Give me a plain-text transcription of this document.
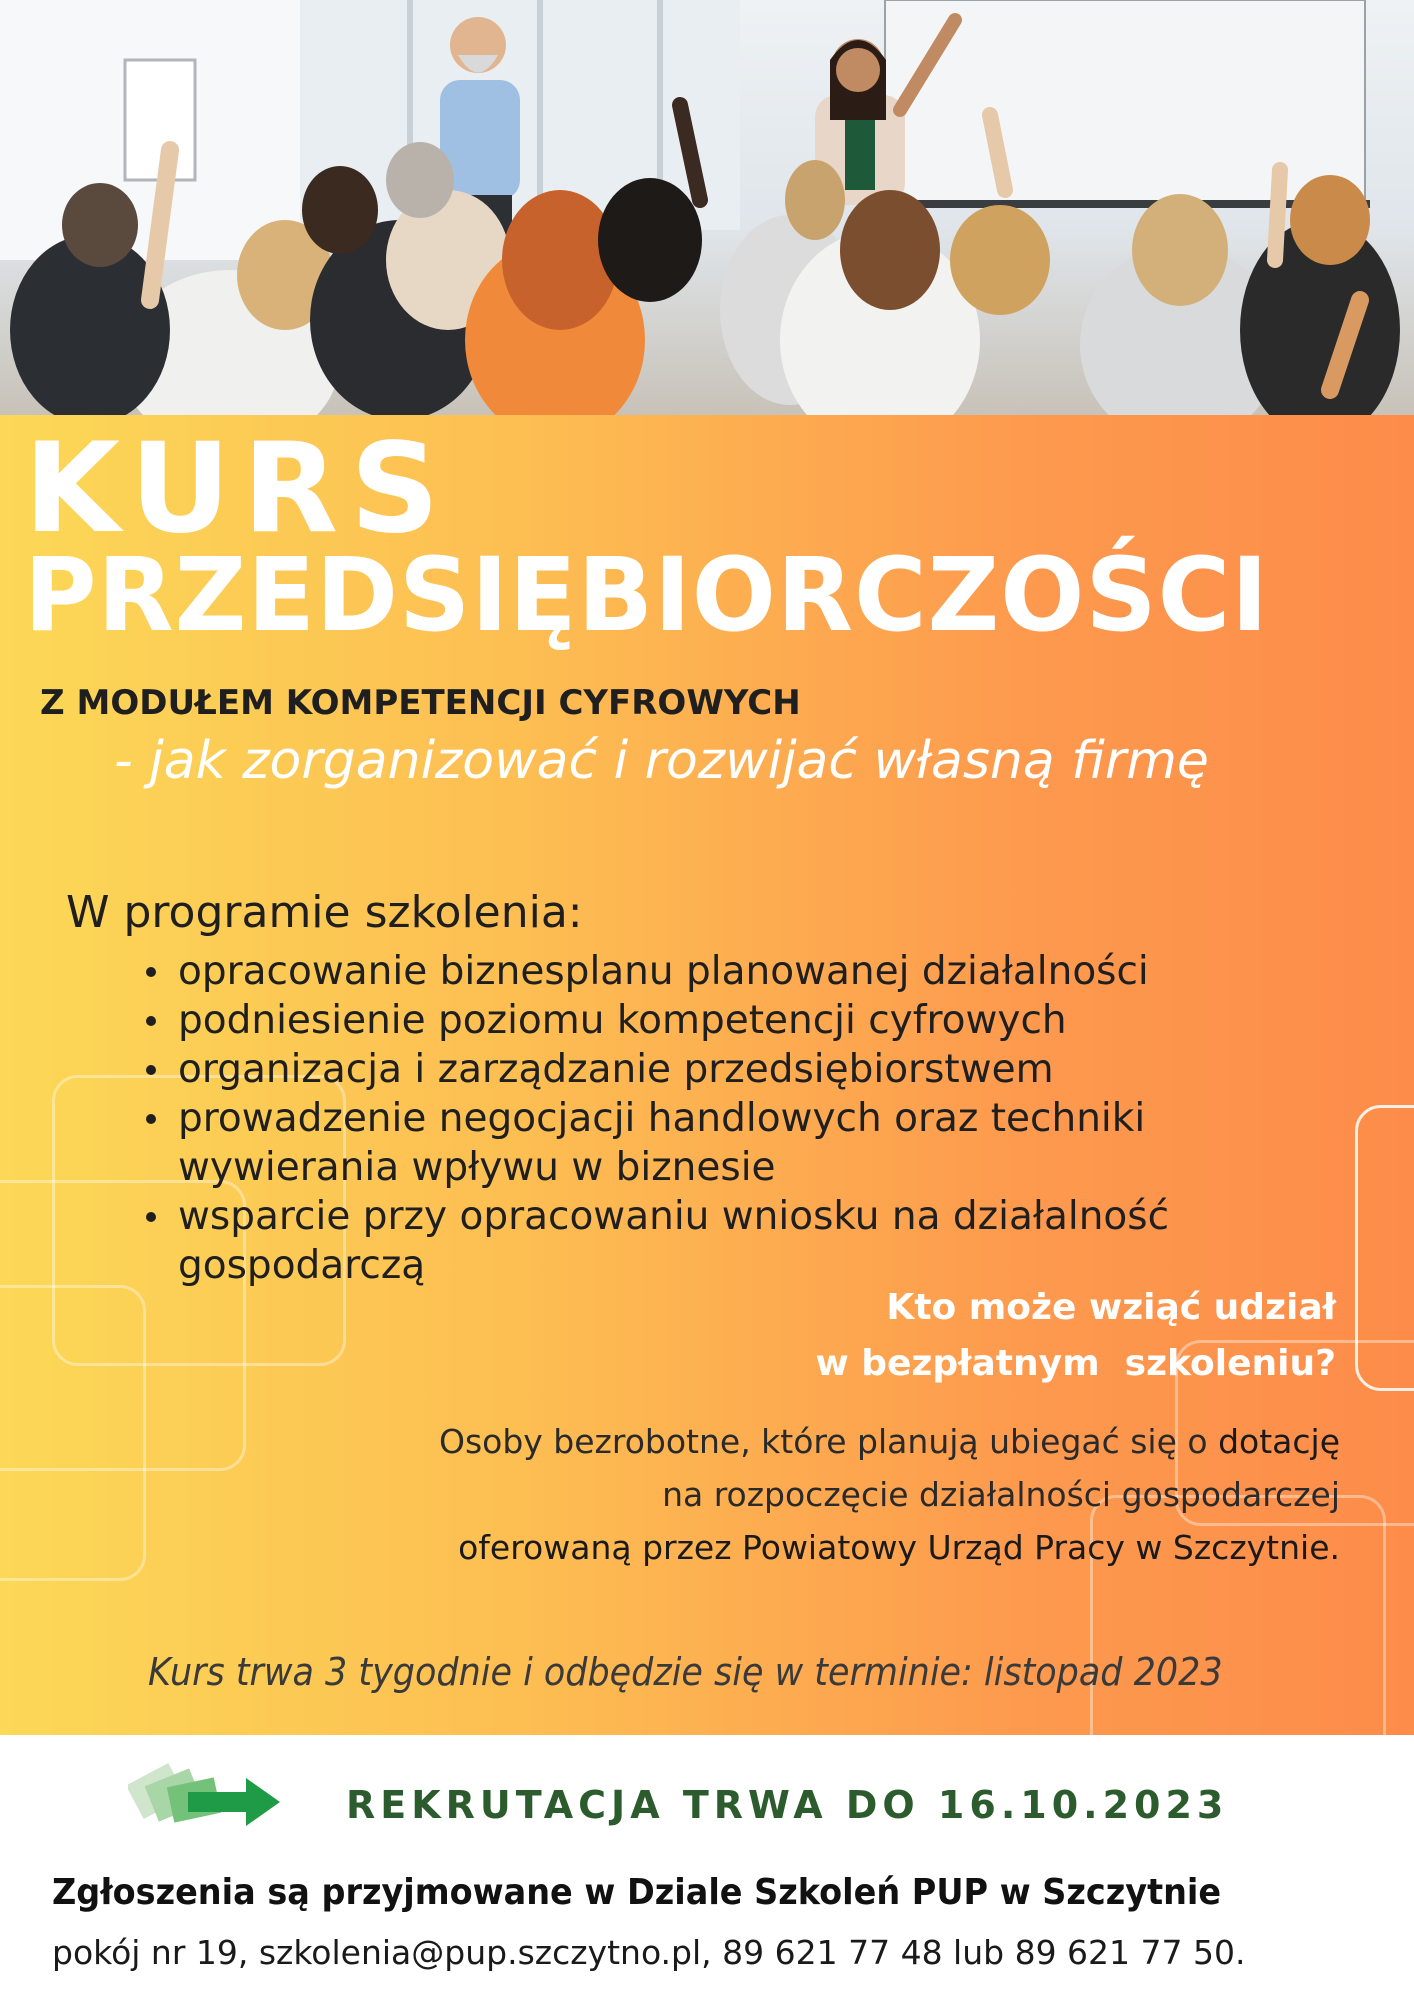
KURS
PRZEDSIĘBIORCZOŚCI

Z MODUŁEM KOMPETENCJI CYFROWYCH

- jak zorganizować i rozwijać własną firmę

W programie szkolenia:

opracowanie biznesplanu planowanej działalności
podniesienie poziomu kompetencji cyfrowych
organizacja i zarządzanie przedsiębiorstwem
prowadzenie negocjacji handlowych oraz techniki wywierania wpływu w biznesie
wsparcie przy opracowaniu wniosku na działalność gospodarczą

Kto może wziąć udział
w bezpłatnym  szkoleniu?

Osoby bezrobotne, które planują ubiegać się o dotację
na rozpoczęcie działalności gospodarczej
oferowaną przez Powiatowy Urząd Pracy w Szczytnie.

Kurs trwa 3 tygodnie i odbędzie się w terminie: listopad 2023

REKRUTACJA TRWA DO 16.10.2023

Zgłoszenia są przyjmowane w Dziale Szkoleń PUP w Szczytnie

pokój nr 19, szkolenia@pup.szczytno.pl, 89 621 77 48 lub 89 621 77 50.
